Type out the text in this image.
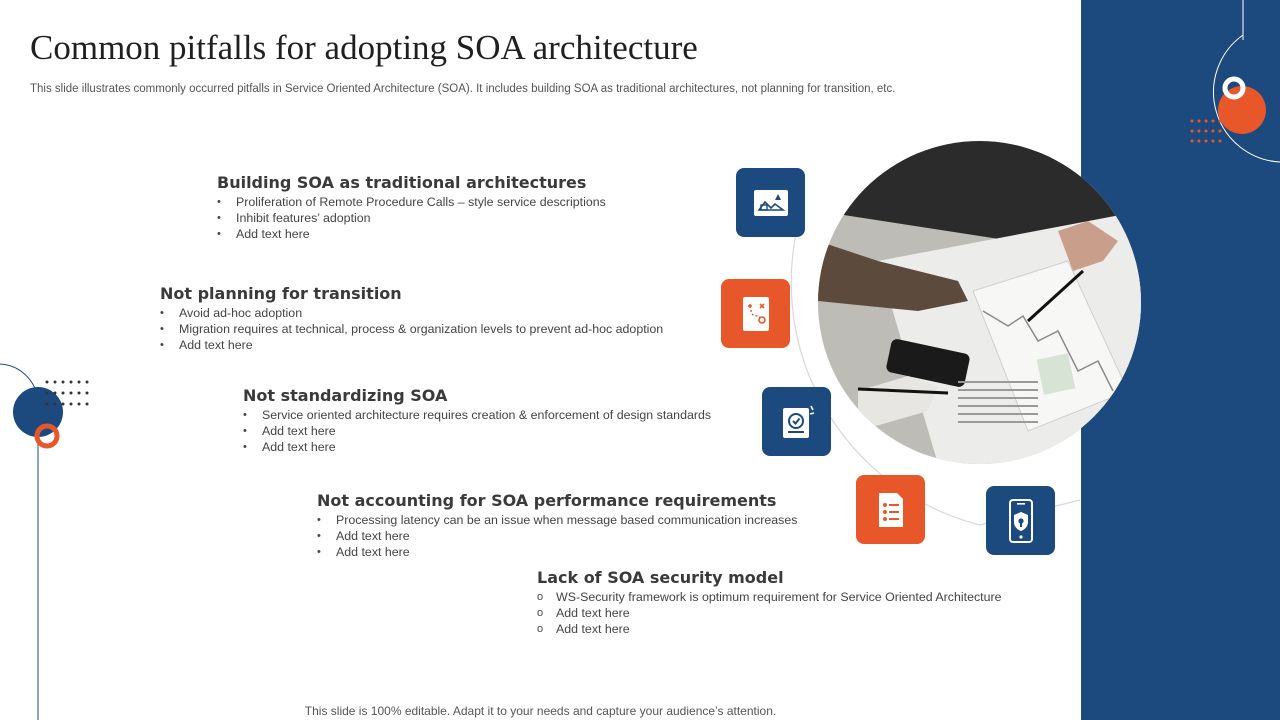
Common pitfalls for adopting SOA architecture
This slide illustrates commonly occurred pitfalls in Service Oriented Architecture (SOA). It includes building SOA as traditional architectures, not planning for transition, etc.
Building SOA as traditional architectures
• Proliferation of Remote Procedure Calls – style service descriptions
• Inhibit features’ adoption
• Add text here
Not planning for transition
• Avoid ad-hoc adoption
• Migration requires at technical, process & organization levels to prevent ad-hoc adoption
• Add text here
Not standardizing SOA
• Service oriented architecture requires creation & enforcement of design standards
• Add text here
• Add text here
Not accounting for SOA performance requirements
• Processing latency can be an issue when message based communication increases
• Add text here
• Add text here
Lack of SOA security model
o WS-Security framework is optimum requirement for Service Oriented Architecture
o Add text here
o Add text here
This slide is 100% editable. Adapt it to your needs and capture your audience’s attention.
